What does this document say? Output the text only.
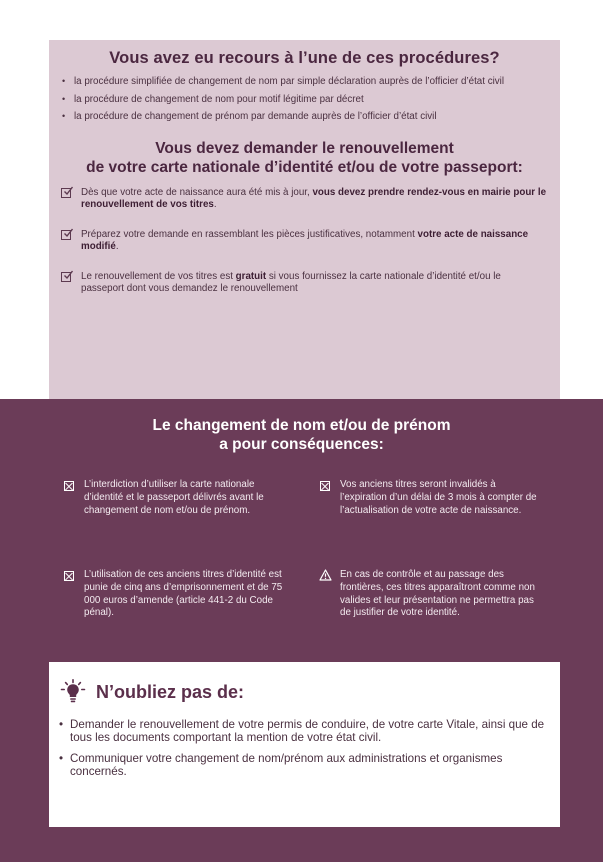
Vous avez eu recours à l’une de ces procédures?
• la procédure simplifiée de changement de nom par simple déclaration auprès de l’officier d’état civil
• la procédure de changement de nom pour motif légitime par décret
• la procédure de changement de prénom par demande auprès de l’officier d’état civil
Vous devez demander le renouvellement
de votre carte nationale d’identité et/ou de votre passeport:
Dès que votre acte de naissance aura été mis à jour, vous devez prendre rendez-vous en mairie pour le renouvellement de vos titres.
Préparez votre demande en rassemblant les pièces justificatives, notamment votre acte de naissance modifié.
Le renouvellement de vos titres est gratuit si vous fournissez la carte nationale d’identité et/ou le passeport dont vous demandez le renouvellement
Le changement de nom et/ou de prénom
a pour conséquences:
L’interdiction d’utiliser la carte nationale d’identité et le passeport délivrés avant le changement de nom et/ou de prénom.
Vos anciens titres seront invalidés à l’expiration d’un délai de 3 mois à compter de l’actualisation de votre acte de naissance.
L’utilisation de ces anciens titres d’identité est punie de cinq ans d’emprisonnement et de 75 000 euros d’amende (article 441-2 du Code pénal).
En cas de contrôle et au passage des frontières, ces titres apparaîtront comme non valides et leur présentation ne permettra pas de justifier de votre identité.
N’oubliez pas de:
• Demander le renouvellement de votre permis de conduire, de votre carte Vitale, ainsi que de tous les documents comportant la mention de votre état civil.
• Communiquer votre changement de nom/prénom aux administrations et organismes concernés.
